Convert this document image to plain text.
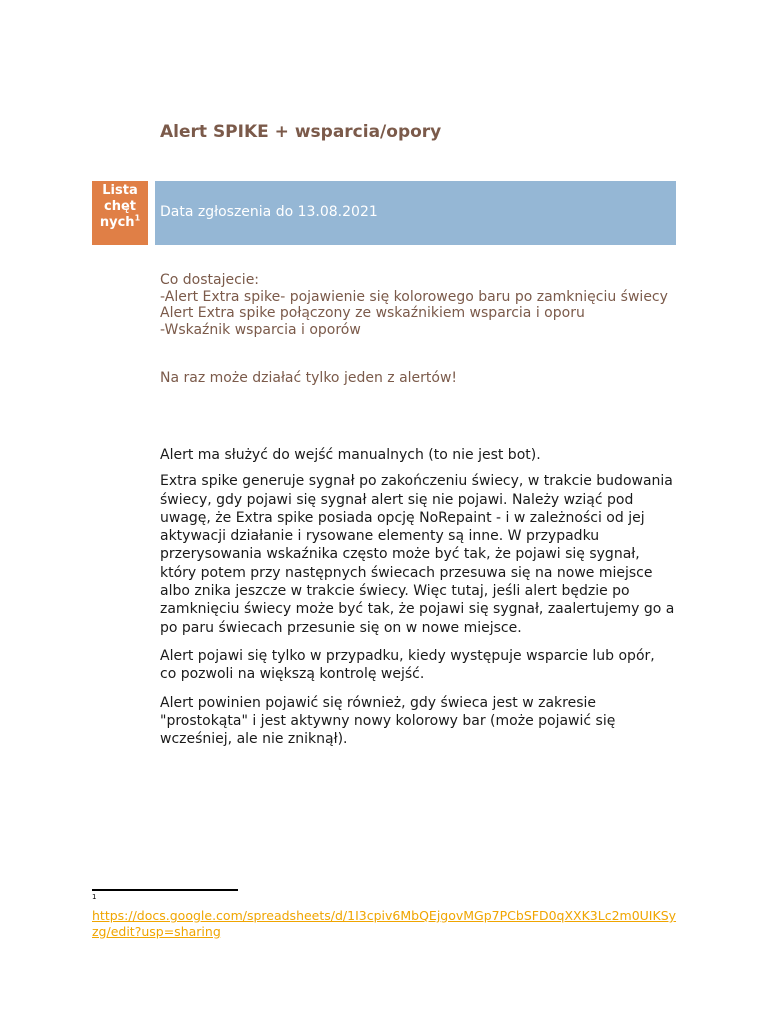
Alert SPIKE + wsparcia/opory
Lista
chęt
nych$^1$	Data zgłoszenia do 13.08.2021
Co dostajecie:
-Alert Extra spike- pojawienie się kolorowego baru po zamknięciu świecy
Alert Extra spike połączony ze wskaźnikiem wsparcia i oporu
-Wskaźnik wsparcia i oporów
Na raz może działać tylko jeden z alertów!

Alert ma służyć do wejść manualnych (to nie jest bot).

Extra spike generuje sygnał po zakończeniu świecy, w trakcie budowania świecy, gdy pojawi się sygnał alert się nie pojawi. Należy wziąć pod uwagę, że Extra spike posiada opcję NoRepaint - i w zależności od jej aktywacji działanie i rysowane elementy są inne. W przypadku przerysowania wskaźnika często może być tak, że pojawi się sygnał, który potem przy następnych świecach przesuwa się na nowe miejsce albo znika jeszcze w trakcie świecy. Więc tutaj, jeśli alert będzie po zamknięciu świecy może być tak, że pojawi się sygnał, zaalertujemy go a po paru świecach przesunie się on w nowe miejsce.

Alert pojawi się tylko w przypadku, kiedy występuje wsparcie lub opór, co pozwoli na większą kontrolę wejść.

Alert powinien pojawić się również, gdy świeca jest w zakresie "prostokąta" i jest aktywny nowy kolorowy bar (może pojawić się wcześniej, ale nie zniknął).

1
https://docs.google.com/spreadsheets/d/1I3cpiv6MbQEjgovMGp7PCbSFD0qXXK3Lc2m0UIKSyzg/edit?usp=sharing
